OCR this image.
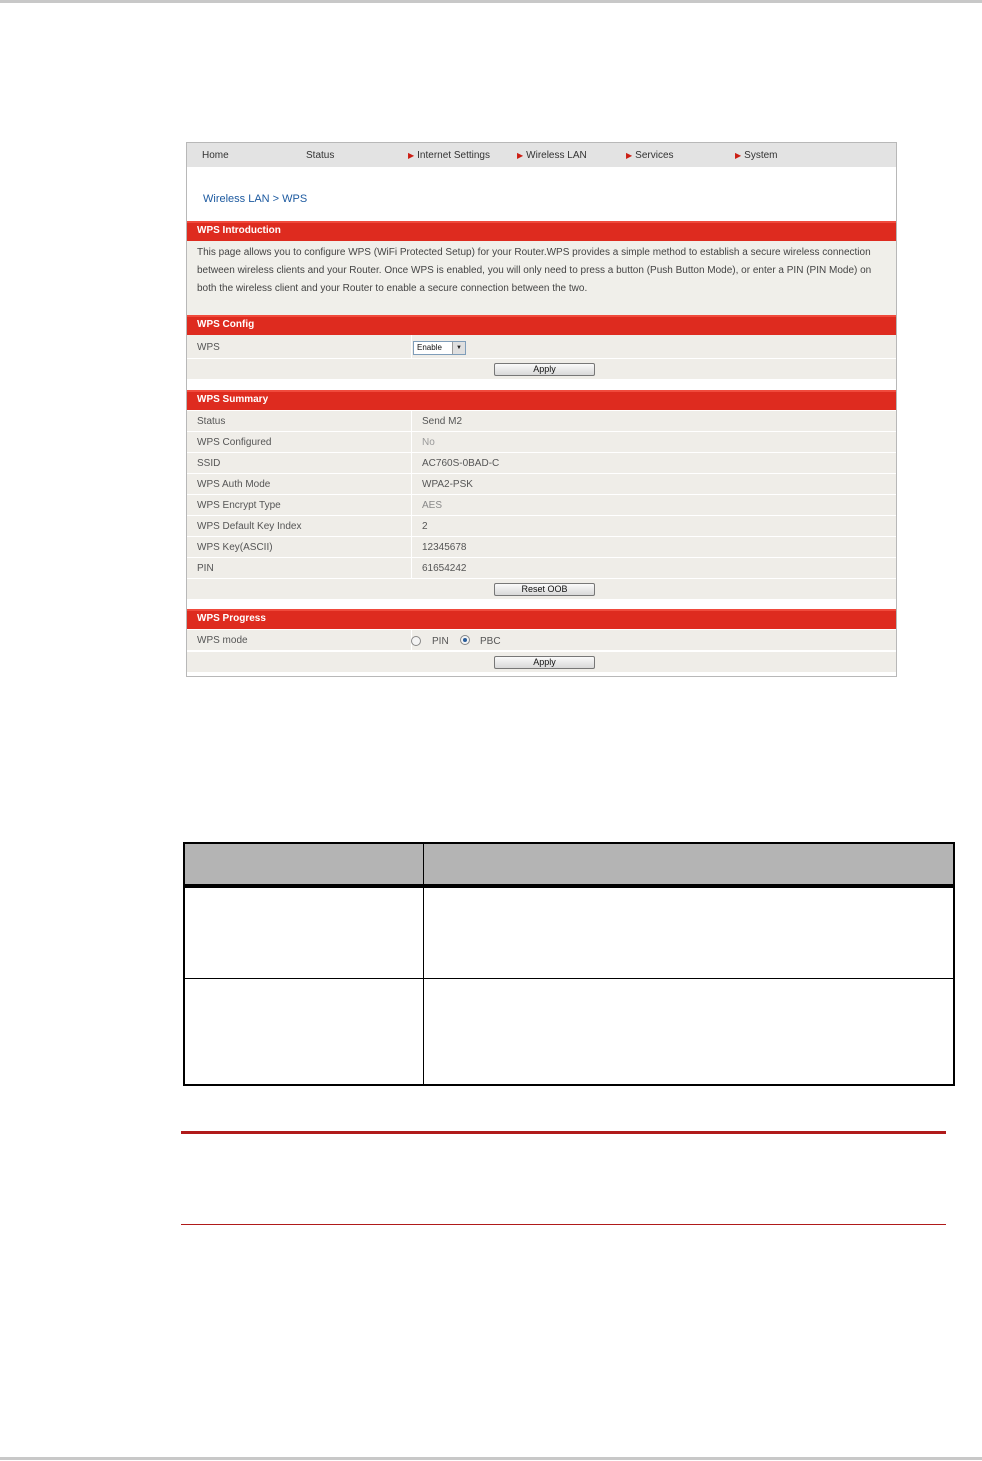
Home	Status	▶ Internet Settings	▶ Wireless LAN	▶ Services	▶ System
Wireless LAN > WPS
WPS Introduction
This page allows you to configure WPS (WiFi Protected Setup) for your Router.WPS provides a simple method to establish a secure wireless connection between wireless clients and your Router. Once WPS is enabled, you will only need to press a button (Push Button Mode), or enter a PIN (PIN Mode) on both the wireless client and your Router to enable a secure connection between the two.
WPS Config
WPS	Enable	▼
Apply
WPS Summary
Status	Send M2
WPS Configured	No
SSID	AC760S-0BAD-C
WPS Auth Mode	WPA2-PSK
WPS Encrypt Type	AES
WPS Default Key Index	2
WPS Key(ASCII)	12345678
PIN	61654242
Reset OOB
WPS Progress
WPS mode	PIN	PBC
Apply
